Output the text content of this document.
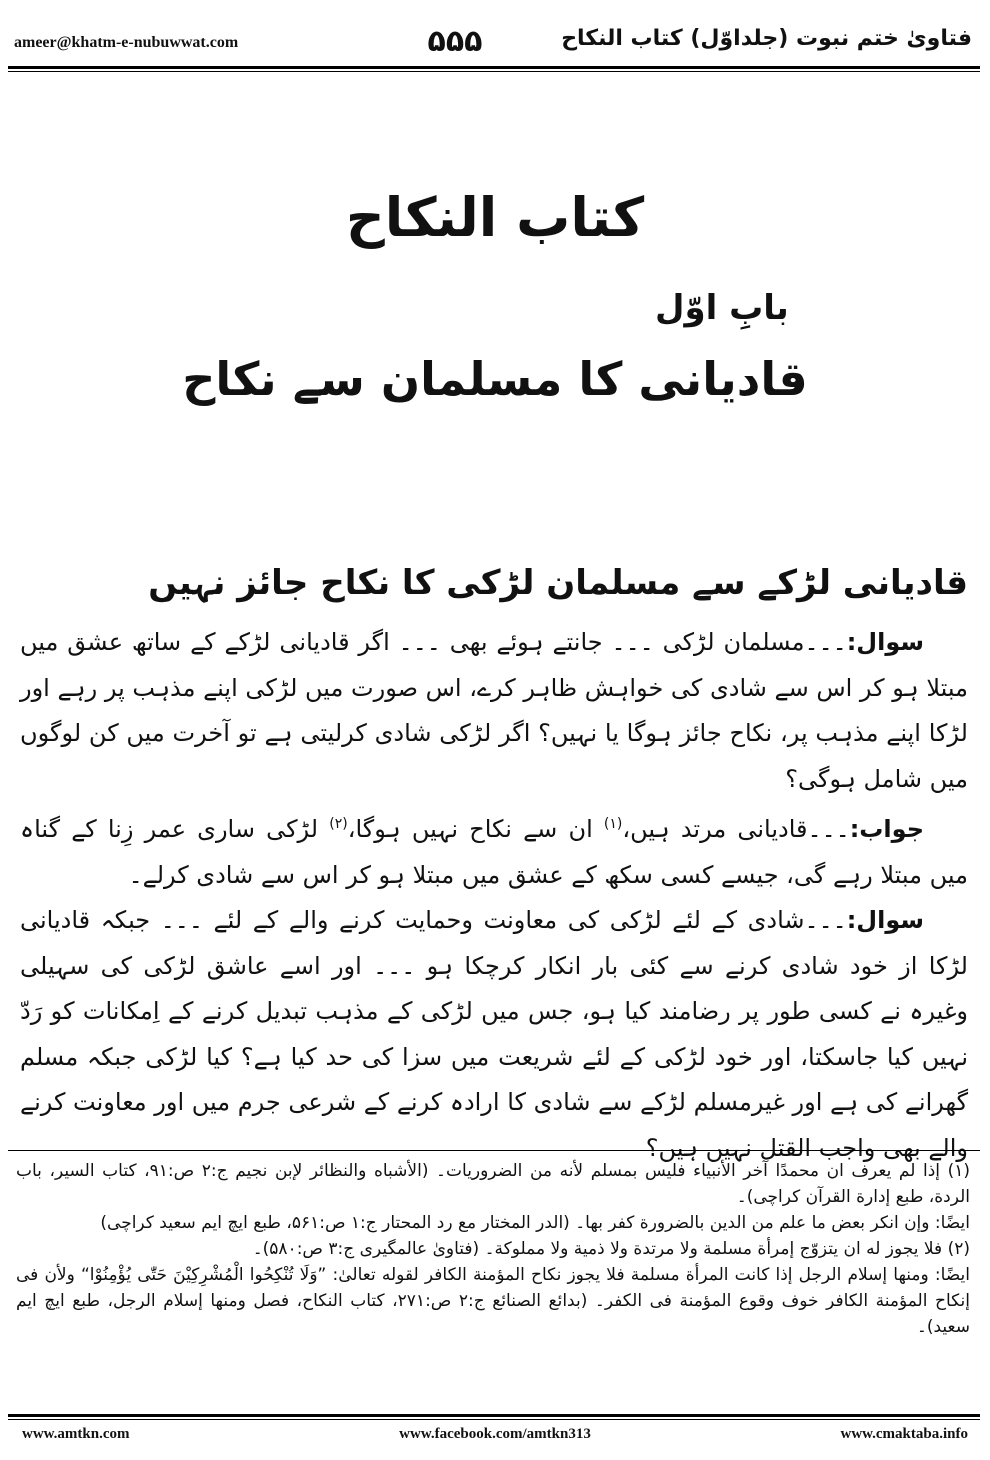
ameer@khatm-e-nubuwwat.com	۵۵۵	فتاویٰ ختم نبوت (جلداوّل) کتاب النکاح
کتاب النکاح
بابِ اوّل
قادیانی کا مسلمان سے نکاح
قادیانی لڑکے سے مسلمان لڑکی کا نکاح جائز نہیں
سوال:۔۔۔مسلمان لڑکی ۔۔۔ جانتے ہوئے بھی ۔۔۔ اگر قادیانی لڑکے کے ساتھ عشق میں مبتلا ہو کر اس سے شادی کی خواہش ظاہر کرے، اس صورت میں لڑکی اپنے مذہب پر رہے اور لڑکا اپنے مذہب پر، نکاح جائز ہوگا یا نہیں؟ اگر لڑکی شادی کرلیتی ہے تو آخرت میں کن لوگوں میں شامل ہوگی؟
جواب:۔۔۔قادیانی مرتد ہیں،$^{(۱)}$ ان سے نکاح نہیں ہوگا،$^{(۲)}$ لڑکی ساری عمر زِنا کے گناہ میں مبتلا رہے گی، جیسے کسی سکھ کے عشق میں مبتلا ہو کر اس سے شادی کرلے۔
سوال:۔۔۔شادی کے لئے لڑکی کی معاونت وحمایت کرنے والے کے لئے ۔۔۔ جبکہ قادیانی لڑکا از خود شادی کرنے سے کئی بار انکار کرچکا ہو ۔۔۔ اور اسے عاشق لڑکی کی سہیلی وغیرہ نے کسی طور پر رضامند کیا ہو، جس میں لڑکی کے مذہب تبدیل کرنے کے اِمکانات کو رَدّ نہیں کیا جاسکتا، اور خود لڑکی کے لئے شریعت میں سزا کی حد کیا ہے؟ کیا لڑکی جبکہ مسلم گھرانے کی ہے اور غیرمسلم لڑکے سے شادی کا ارادہ کرنے کے شرعی جرم میں اور معاونت کرنے والے بھی واجب القتل نہیں ہیں؟
(۱) إذا لم یعرف ان محمدًا آخر الأنبیاء فلیس بمسلم لأنه من الضروریات۔ (الأشباه والنظائر لإبن نجیم ج:۲ ص:۹۱، کتاب السیر، باب الردة، طبع إدارة القرآن کراچی)۔
ایضًا: وإن انکر بعض ما علم من الدین بالضرورة کفر بها۔ (الدر المختار مع رد المحتار ج:۱ ص:۵۶۱، طبع ایچ ایم سعید کراچی)
(۲) فلا یجوز له ان یتزوّج إمرأة مسلمة ولا مرتدة ولا ذمیة ولا مملوکة۔ (فتاویٰ عالمگیری ج:۳ ص:۵۸۰)۔
ایضًا: ومنها إسلام الرجل إذا کانت المرأة مسلمة فلا یجوز نکاح المؤمنة الکافر لقوله تعالیٰ: ”وَلَا تُنْکِحُوا الْمُشْرِکِیْنَ حَتّٰی یُؤْمِنُوْا“ ولأن فی إنکاح المؤمنة الکافر خوف وقوع المؤمنة فی الکفر۔ (بدائع الصنائع ج:۲ ص:۲۷۱، کتاب النکاح، فصل ومنها إسلام الرجل، طبع ایچ ایم سعید)۔
www.amtkn.com	www.facebook.com/amtkn313	www.cmaktaba.info
